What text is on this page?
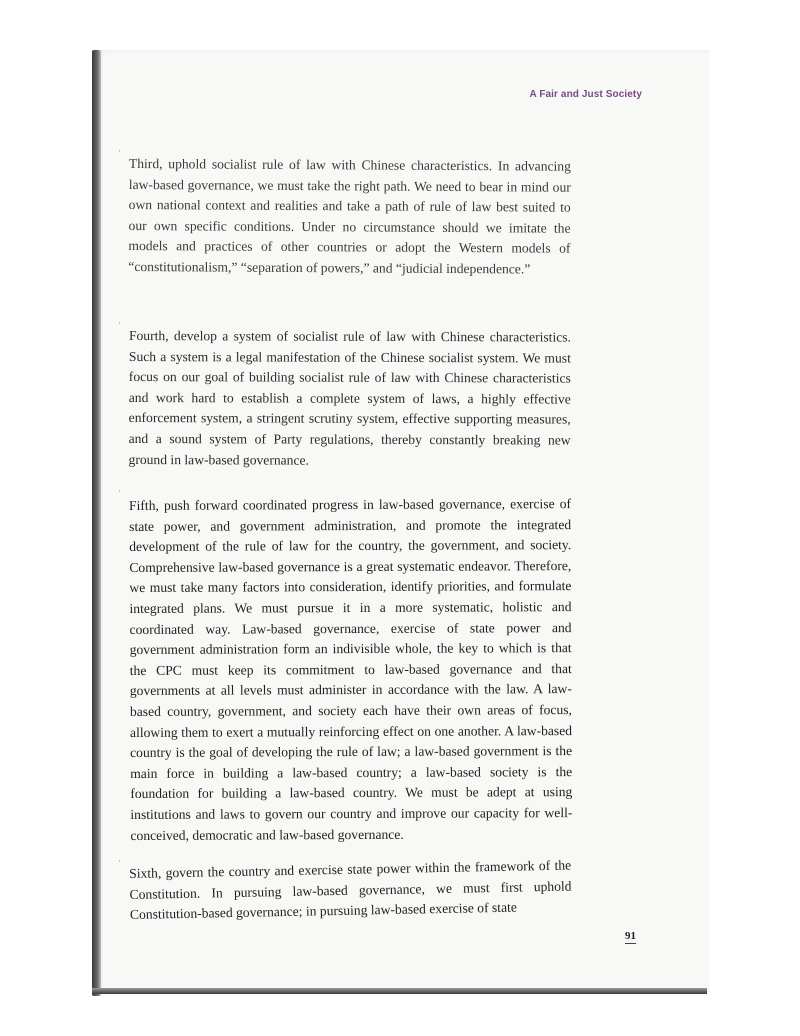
A Fair and Just Society
·

Third, uphold socialist rule of law with Chinese characteristics. In advancing law-based governance, we must take the right path. We need to bear in mind our own national context and realities and take a path of rule of law best suited to our own specific conditions. Under no circumstance should we imitate the models and practices of other countries or adopt the Western models of “constitutionalism,” “separation of powers,” and “judicial independence.”

·

Fourth, develop a system of socialist rule of law with Chinese characteristics. Such a system is a legal manifestation of the Chinese socialist system. We must focus on our goal of building socialist rule of law with Chinese characteristics and work hard to establish a complete system of laws, a highly effective enforcement system, a stringent scrutiny system, effective supporting measures, and a sound system of Party regulations, thereby constantly breaking new ground in law-based governance.

·

Fifth, push forward coordinated progress in law-based governance, exercise of state power, and government administration, and promote the integrated development of the rule of law for the country, the government, and society. Comprehensive law-based governance is a great systematic endeavor. Therefore, we must take many factors into consideration, identify priorities, and formulate integrated plans. We must pursue it in a more systematic, holistic and coordinated way. Law-based governance, exercise of state power and government administration form an indivisible whole, the key to which is that the CPC must keep its commitment to law-based governance and that governments at all levels must administer in accordance with the law. A law-based country, government, and society each have their own areas of focus, allowing them to exert a mutually reinforcing effect on one another. A law-based country is the goal of developing the rule of law; a law-based government is the main force in building a law-based country; a law-based society is the foundation for building a law-based country. We must be adept at using institutions and laws to govern our country and improve our capacity for well-conceived, democratic and law-based governance.

· Sixth, govern the country and exercise state power within the framework of the Constitution. In pursuing law-based governance, we must first uphold Constitution-based governance; in pursuing law-based exercise of state

91
